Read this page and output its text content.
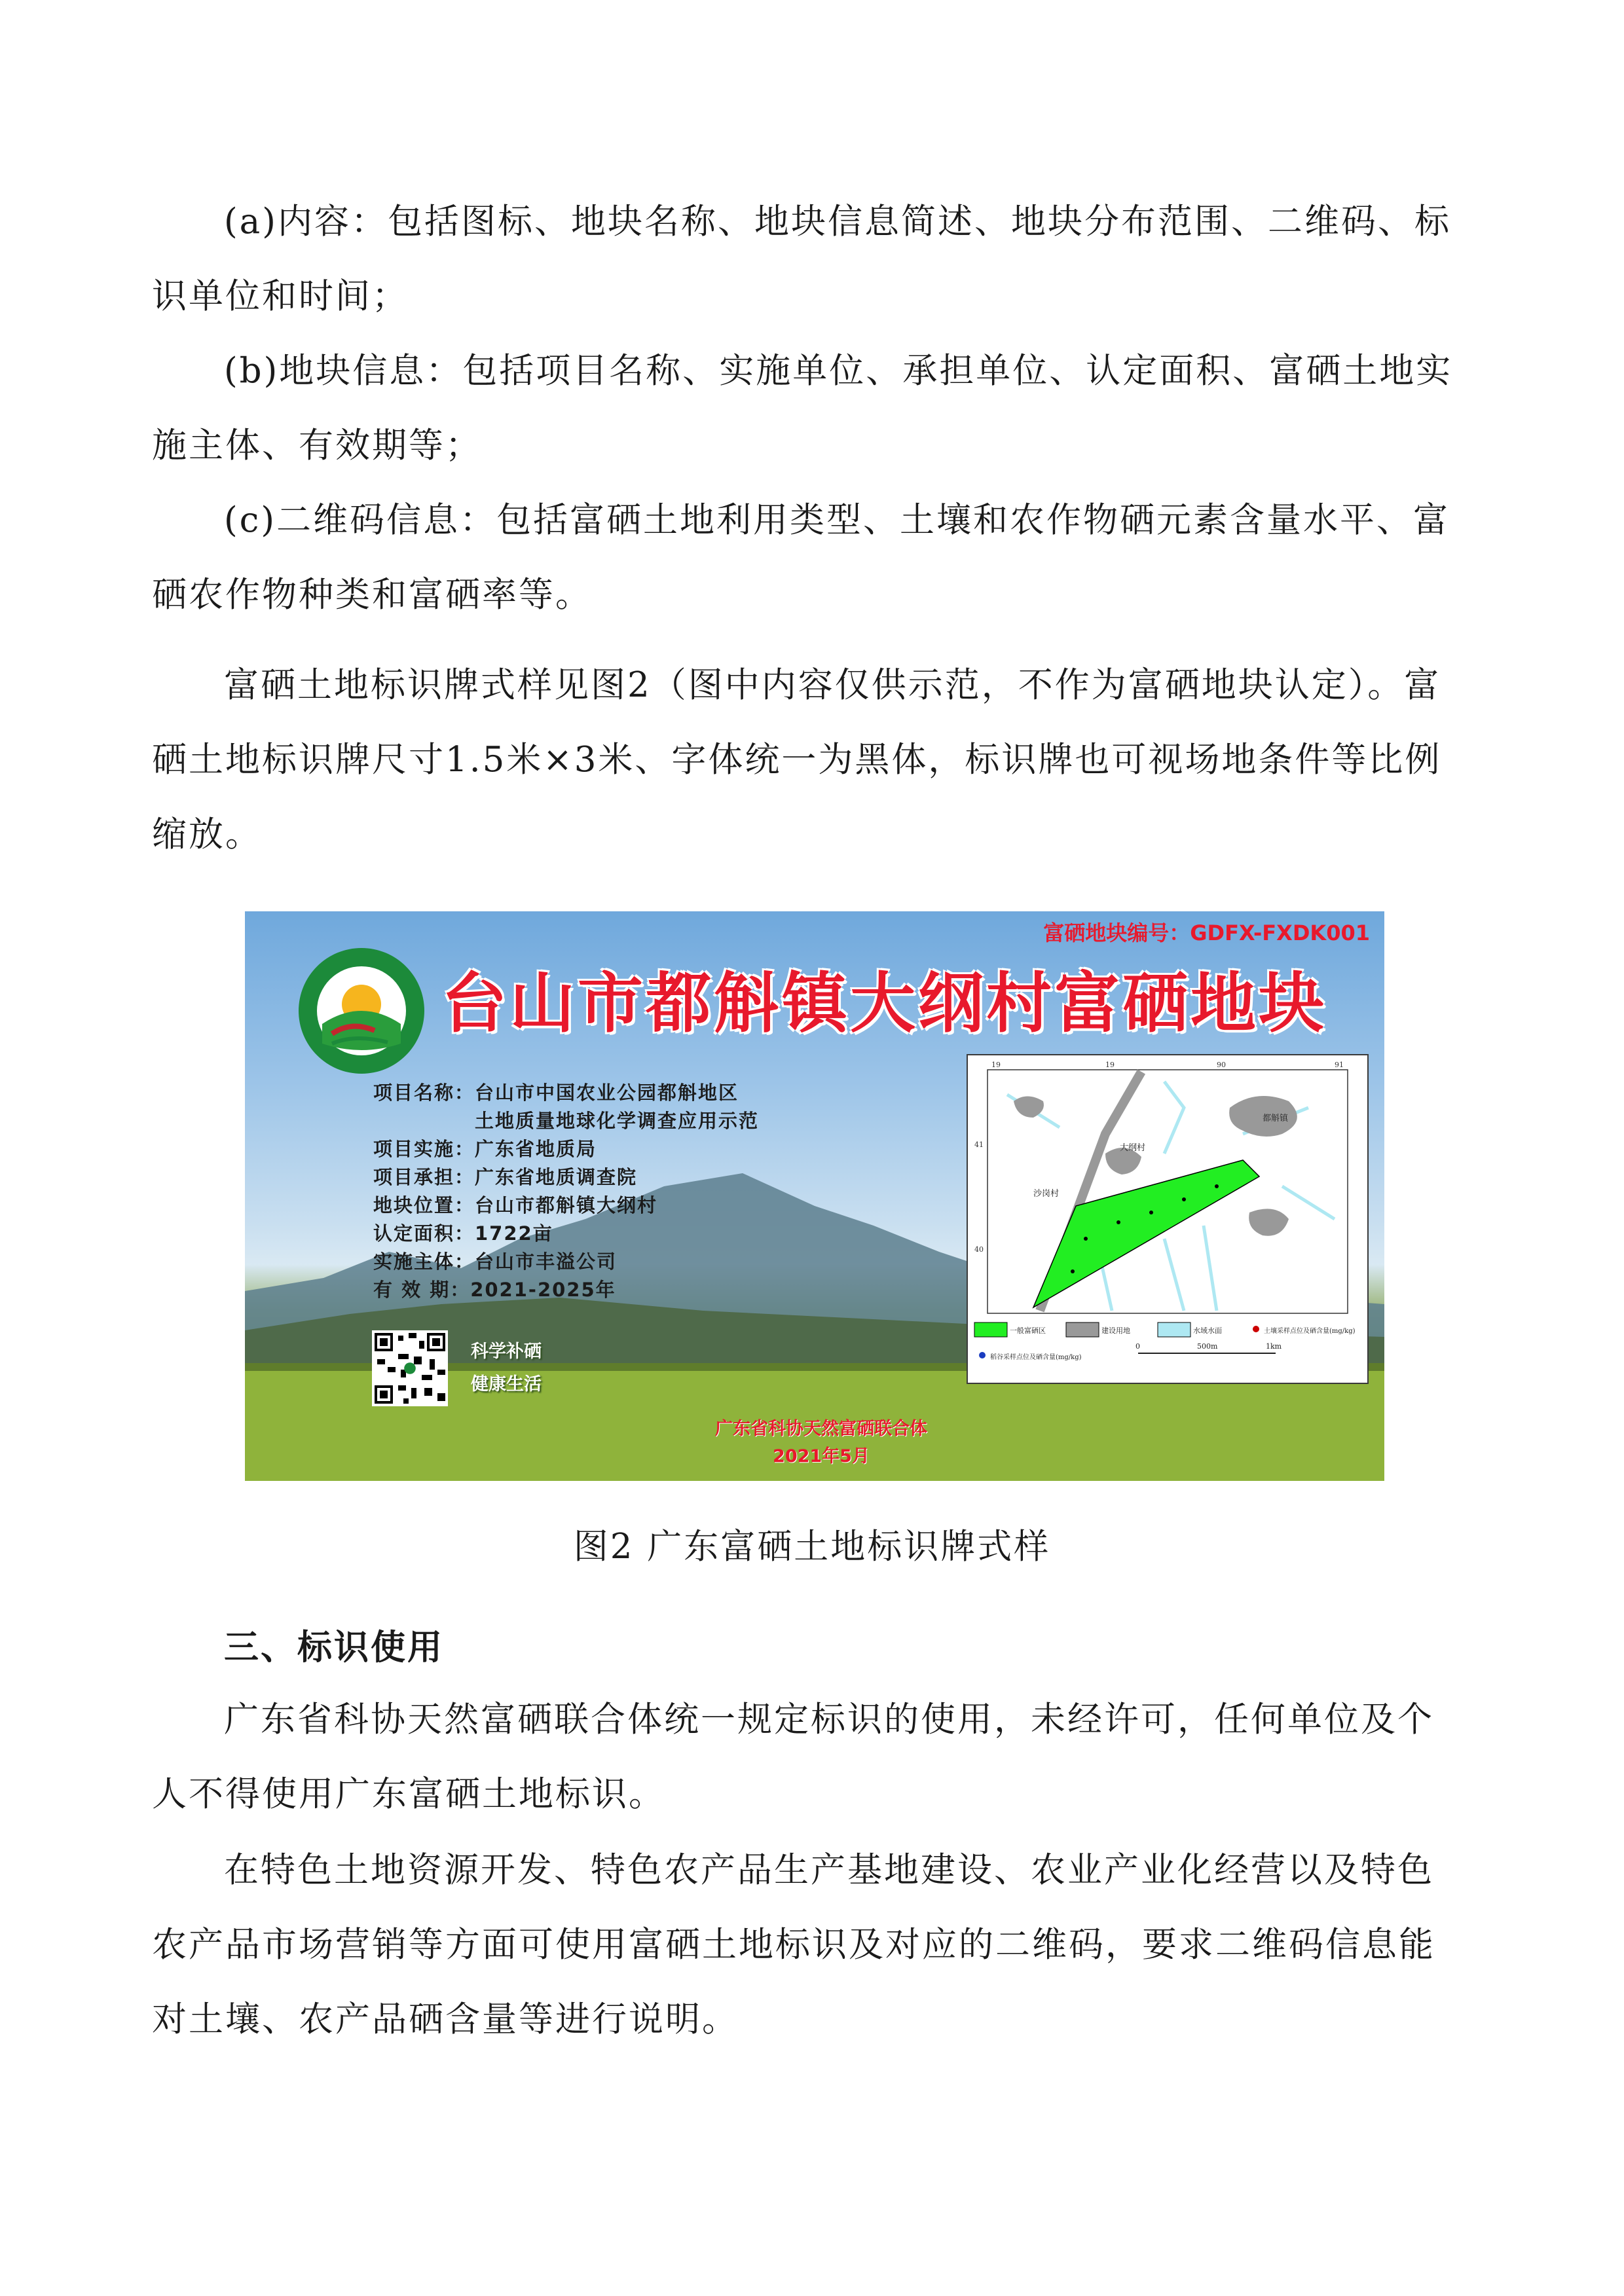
(a)内容：包括图标、地块名称、地块信息简述、地块分布范围、二维码、标识单位和时间；

(b)地块信息：包括项目名称、实施单位、承担单位、认定面积、富硒土地实施主体、有效期等；

(c)二维码信息：包括富硒土地利用类型、土壤和农作物硒元素含量水平、富硒农作物种类和富硒率等。

富硒土地标识牌式样见图2（图中内容仅供示范，不作为富硒地块认定）。富硒土地标识牌尺寸1.5米×3米、字体统一为黑体，标识牌也可视场地条件等比例缩放。

富硒地块编号：GDFX-FXDK001
台山市都斛镇大纲村富硒地块
项目名称：台山市中国农业公园都斛地区
　　　　　土地质量地球化学调查应用示范
项目实施：广东省地质局
项目承担：广东省地质调查院
地块位置：台山市都斛镇大纲村
认定面积：1722亩
实施主体：台山市丰溢公司
有 效 期：2021-2025年
科学补硒
健康生活
广东省科协天然富硒联合体
2021年5月
19	19	90	91
41
40
大纲村
沙岗村
都斛镇
一般富硒区	建设用地	水域水面	土壤采样点位及硒含量(mg/kg)
稻谷采样点位及硒含量(mg/kg)
0	500m	1km
图2 广东富硒土地标识牌式样

三、标识使用

广东省科协天然富硒联合体统一规定标识的使用，未经许可，任何单位及个人不得使用广东富硒土地标识。

在特色土地资源开发、特色农产品生产基地建设、农业产业化经营以及特色农产品市场营销等方面可使用富硒土地标识及对应的二维码，要求二维码信息能对土壤、农产品硒含量等进行说明。
